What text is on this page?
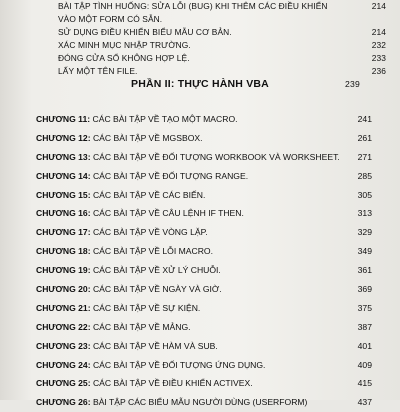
BÀI TẬP TÌNH HUỐNG: SỬA LỖI (BUG) KHI THÊM CÁC ĐIỀU KHIỂN	214
VÀO MỘT FORM CÓ SẴN.
SỬ DỤNG ĐIỀU KHIỂN BIỂU MẪU CƠ BẢN.	214
XÁC MINH MỤC NHẬP TRƯỜNG.	232
ĐÓNG CỬA SỔ KHÔNG HỢP LỆ.	233
LẤY MỘT TÊN FILE.	236
PHẦN II: THỰC HÀNH VBA	239
CHƯƠNG 11: CÁC BÀI TẬP VỀ TẠO MỘT MACRO.	241
CHƯƠNG 12: CÁC BÀI TẬP VỀ MGSBOX.	261
CHƯƠNG 13: CÁC BÀI TẬP VỀ ĐỐI TƯỢNG WORKBOOK VÀ WORKSHEET. 271
CHƯƠNG 14: CÁC BÀI TẬP VỀ ĐỐI TƯỢNG RANGE.	285
CHƯƠNG 15: CÁC BÀI TẬP VỀ CÁC BIẾN.	305
CHƯƠNG 16: CÁC BÀI TẬP VỀ CÂU LỆNH IF THEN.	313
CHƯƠNG 17: CÁC BÀI TẬP VỀ VÒNG LẶP.	329
CHƯƠNG 18: CÁC BÀI TẬP VỀ LỖI MACRO.	349
CHƯƠNG 19: CÁC BÀI TẬP VỀ XỬ LÝ CHUỖI.	361
CHƯƠNG 20: CÁC BÀI TẬP VỀ NGÀY VÀ GIỜ.	369
CHƯƠNG 21: CÁC BÀI TẬP VỀ SỰ KIỆN.	375
CHƯƠNG 22: CÁC BÀI TẬP VỀ MẢNG.	387
CHƯƠNG 23: CÁC BÀI TẬP VỀ HÀM VÀ SUB.	401
CHƯƠNG 24: CÁC BÀI TẬP VỀ ĐỐI TƯỢNG ỨNG DỤNG.	409
CHƯƠNG 25: CÁC BÀI TẬP VỀ ĐIỀU KHIỂN ACTIVEX.	415
CHƯƠNG 26: BÀI TẬP CÁC BIỂU MẪU NGƯỜI DÙNG (USERFORM)	437
